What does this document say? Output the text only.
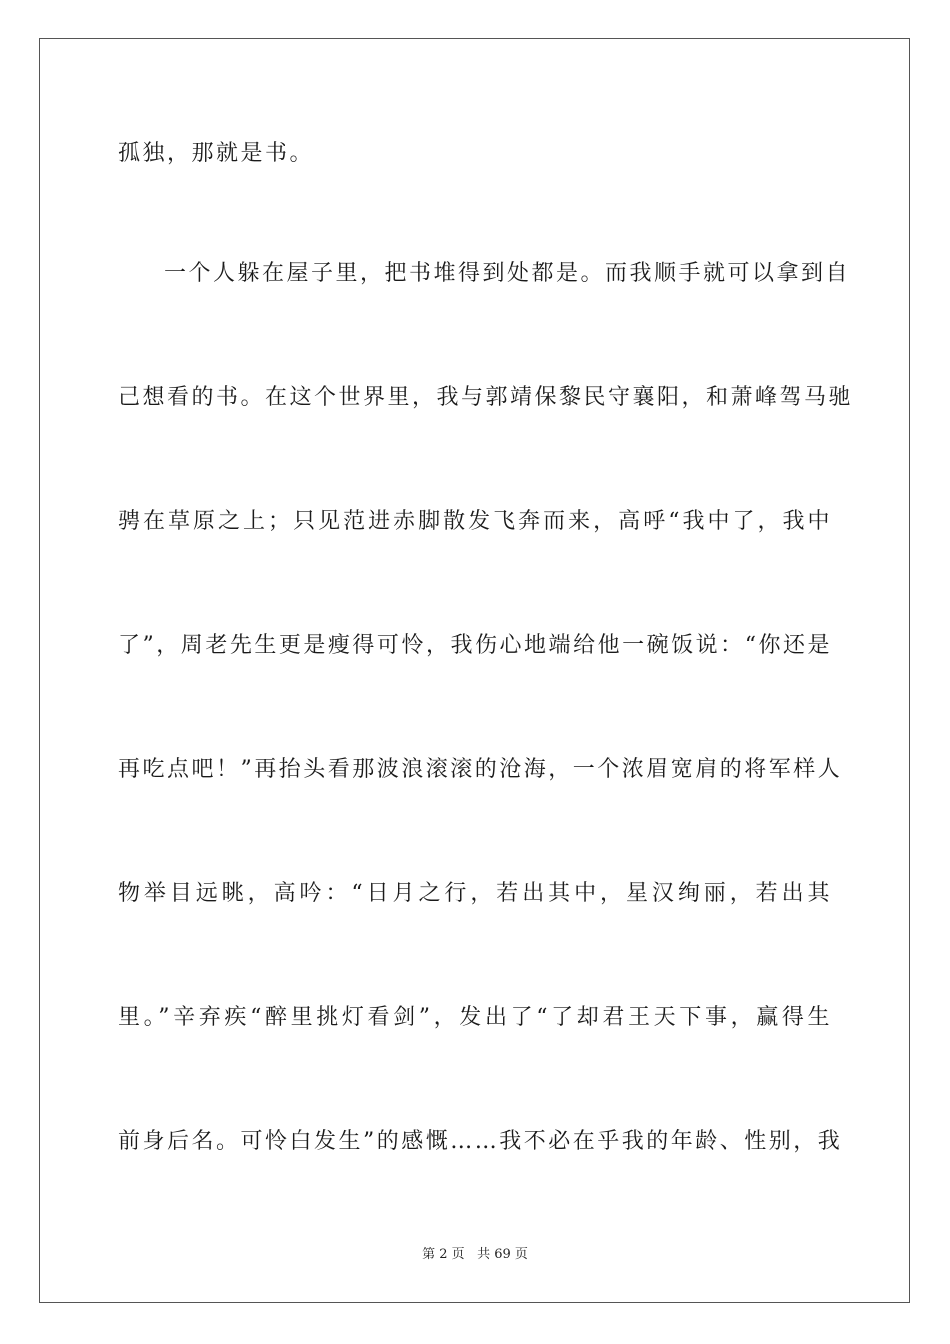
孤独，那就是书。
一个人躲在屋子里，把书堆得到处都是。而我顺手就可以拿到自
己想看的书。在这个世界里，我与郭靖保黎民守襄阳，和萧峰驾马驰
骋在草原之上；只见范进赤脚散发飞奔而来，高呼“我中了，我中
了”，周老先生更是瘦得可怜，我伤心地端给他一碗饭说：“你还是
再吃点吧！”再抬头看那波浪滚滚的沧海，一个浓眉宽肩的将军样人
物举目远眺，高吟：“日月之行，若出其中，星汉绚丽，若出其
里。”辛弃疾“醉里挑灯看剑”，发出了“了却君王天下事，赢得生
前身后名。可怜白发生”的感慨……我不必在乎我的年龄、性别，我
第 2 页 共 69 页
